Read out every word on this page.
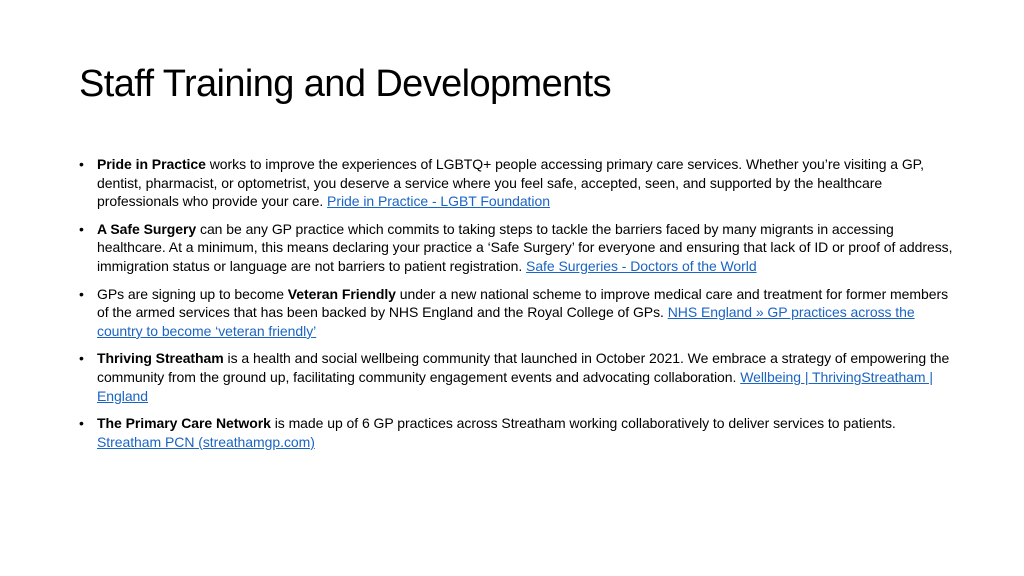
Staff Training and Developments
• Pride in Practice works to improve the experiences of LGBTQ+ people accessing primary care services. Whether you’re visiting a GP, dentist, pharmacist, or optometrist, you deserve a service where you feel safe, accepted, seen, and supported by the healthcare professionals who provide your care. Pride in Practice - LGBT Foundation
• A Safe Surgery can be any GP practice which commits to taking steps to tackle the barriers faced by many migrants in accessing healthcare. At a minimum, this means declaring your practice a ‘Safe Surgery’ for everyone and ensuring that lack of ID or proof of address, immigration status or language are not barriers to patient registration. Safe Surgeries - Doctors of the World
• GPs are signing up to become Veteran Friendly under a new national scheme to improve medical care and treatment for former members of the armed services that has been backed by NHS England and the Royal College of GPs. NHS England » GP practices across the country to become ‘veteran friendly’
• Thriving Streatham is a health and social wellbeing community that launched in October 2021. We embrace a strategy of empowering the community from the ground up, facilitating community engagement events and advocating collaboration. Wellbeing | ThrivingStreatham | England
• The Primary Care Network is made up of 6 GP practices across Streatham working collaboratively to deliver services to patients. Streatham PCN (streathamgp.com)
